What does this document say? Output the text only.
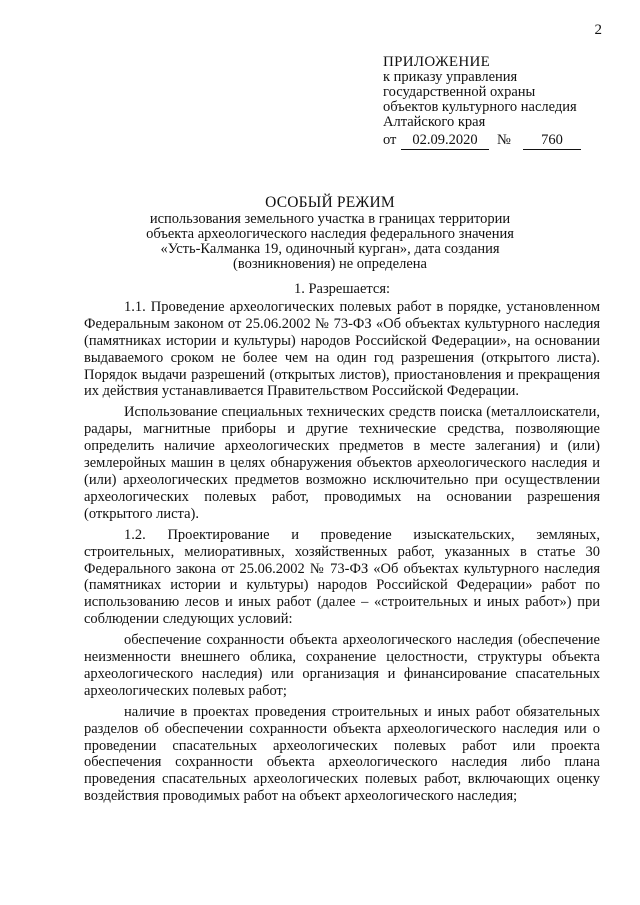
2
ПРИЛОЖЕНИЕ
к приказу управления
государственной охраны
объектов культурного наследия
Алтайского края
от	02.09.2020	№	760
ОСОБЫЙ РЕЖИМ
использования земельного участка в границах территории
объекта археологического наследия федерального значения
«Усть-Калманка 19, одиночный курган», дата создания
(возникновения) не определена
1. Разрешается:

1.1. Проведение археологических полевых работ в порядке, установленном Федеральным законом от 25.06.2002 № 73-ФЗ «Об объектах культурного наследия (памятниках истории и культуры) народов Российской Федерации», на основании выдаваемого сроком не более чем на один год разрешения (открытого листа). Порядок выдачи разрешений (открытых листов), приостановления и прекращения их действия устанавливается Правительством Российской Федерации.

Использование специальных технических средств поиска (металлоискатели, радары, магнитные приборы и другие технические средства, позволяющие определить наличие археологических предметов в месте залегания) и (или) землеройных машин в целях обнаружения объектов археологического наследия и (или) археологических предметов возможно исключительно при осуществлении археологических полевых работ, проводимых на основании разрешения (открытого листа).

1.2. Проектирование и проведение изыскательских, земляных, строительных, мелиоративных, хозяйственных работ, указанных в статье 30 Федерального закона от 25.06.2002 № 73-ФЗ «Об объектах культурного наследия (памятниках истории и культуры) народов Российской Федерации» работ по использованию лесов и иных работ (далее – «строительных и иных работ») при соблюдении следующих условий:

обеспечение сохранности объекта археологического наследия (обеспечение неизменности внешнего облика, сохранение целостности, структуры объекта археологического наследия) или организация и финансирование спасательных археологических полевых работ;

наличие в проектах проведения строительных и иных работ обязательных разделов об обеспечении сохранности объекта археологического наследия или о проведении спасательных археологических полевых работ или проекта обеспечения сохранности объекта археологического наследия либо плана проведения спасательных археологических полевых работ, включающих оценку воздействия проводимых работ на объект археологического наследия;
